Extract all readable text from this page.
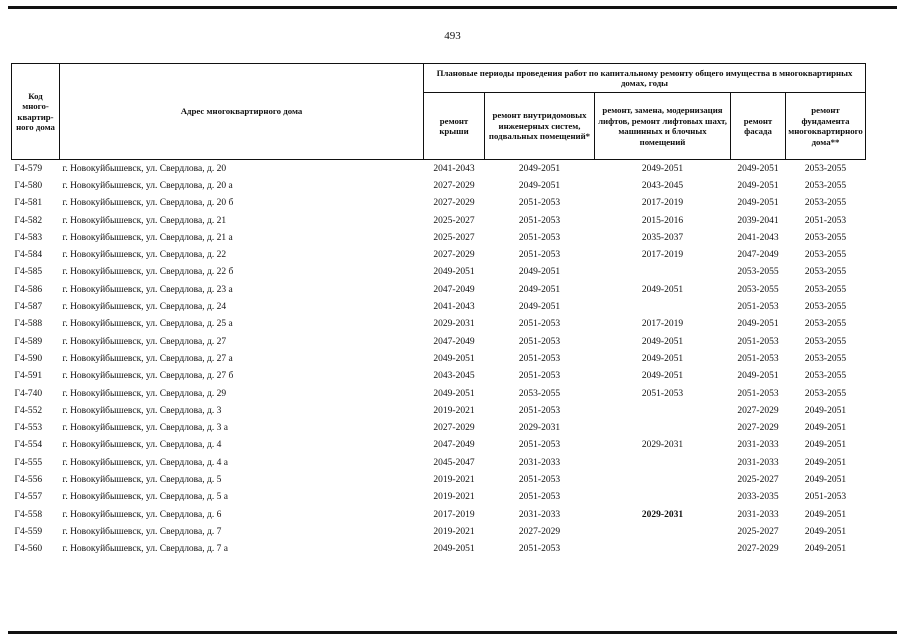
493
Код много-квартир-ного дома	Адрес многоквартирного дома	Плановые периоды проведения работ по капитальному ремонту общего имущества в многоквартирных домах, годы				
		ремонт крыши	ремонт внутридомовых инженерных систем, подвальных помещений*	ремонт, замена, модернизация лифтов, ремонт лифтовых шахт, машинных и блочных помещений	ремонт фасада	ремонт фундамента многоквартирного дома**
Г4-579	г. Новокуйбышевск, ул. Свердлова, д. 20	2041-2043	2049-2051	2049-2051	2049-2051	2053-2055
Г4-580	г. Новокуйбышевск, ул. Свердлова, д. 20 а	2027-2029	2049-2051	2043-2045	2049-2051	2053-2055
Г4-581	г. Новокуйбышевск, ул. Свердлова, д. 20 б	2027-2029	2051-2053	2017-2019	2049-2051	2053-2055
Г4-582	г. Новокуйбышевск, ул. Свердлова, д. 21	2025-2027	2051-2053	2015-2016	2039-2041	2051-2053
Г4-583	г. Новокуйбышевск, ул. Свердлова, д. 21 а	2025-2027	2051-2053	2035-2037	2041-2043	2053-2055
Г4-584	г. Новокуйбышевск, ул. Свердлова, д. 22	2027-2029	2051-2053	2017-2019	2047-2049	2053-2055
Г4-585	г. Новокуйбышевск, ул. Свердлова, д. 22 б	2049-2051	2049-2051		2053-2055	2053-2055
Г4-586	г. Новокуйбышевск, ул. Свердлова, д. 23 а	2047-2049	2049-2051	2049-2051	2053-2055	2053-2055
Г4-587	г. Новокуйбышевск, ул. Свердлова, д. 24	2041-2043	2049-2051		2051-2053	2053-2055
Г4-588	г. Новокуйбышевск, ул. Свердлова, д. 25 а	2029-2031	2051-2053	2017-2019	2049-2051	2053-2055
Г4-589	г. Новокуйбышевск, ул. Свердлова, д. 27	2047-2049	2051-2053	2049-2051	2051-2053	2053-2055
Г4-590	г. Новокуйбышевск, ул. Свердлова, д. 27 а	2049-2051	2051-2053	2049-2051	2051-2053	2053-2055
Г4-591	г. Новокуйбышевск, ул. Свердлова, д. 27 б	2043-2045	2051-2053	2049-2051	2049-2051	2053-2055
Г4-740	г. Новокуйбышевск, ул. Свердлова, д. 29	2049-2051	2053-2055	2051-2053	2051-2053	2053-2055
Г4-552	г. Новокуйбышевск, ул. Свердлова, д. 3	2019-2021	2051-2053		2027-2029	2049-2051
Г4-553	г. Новокуйбышевск, ул. Свердлова, д. 3 а	2027-2029	2029-2031		2027-2029	2049-2051
Г4-554	г. Новокуйбышевск, ул. Свердлова, д. 4	2047-2049	2051-2053	2029-2031	2031-2033	2049-2051
Г4-555	г. Новокуйбышевск, ул. Свердлова, д. 4 а	2045-2047	2031-2033		2031-2033	2049-2051
Г4-556	г. Новокуйбышевск, ул. Свердлова, д. 5	2019-2021	2051-2053		2025-2027	2049-2051
Г4-557	г. Новокуйбышевск, ул. Свердлова, д. 5 а	2019-2021	2051-2053		2033-2035	2051-2053
Г4-558	г. Новокуйбышевск, ул. Свердлова, д. 6	2017-2019	2031-2033	2029-2031	2031-2033	2049-2051
Г4-559	г. Новокуйбышевск, ул. Свердлова, д. 7	2019-2021	2027-2029		2025-2027	2049-2051
Г4-560	г. Новокуйбышевск, ул. Свердлова, д. 7 а	2049-2051	2051-2053		2027-2029	2049-2051
